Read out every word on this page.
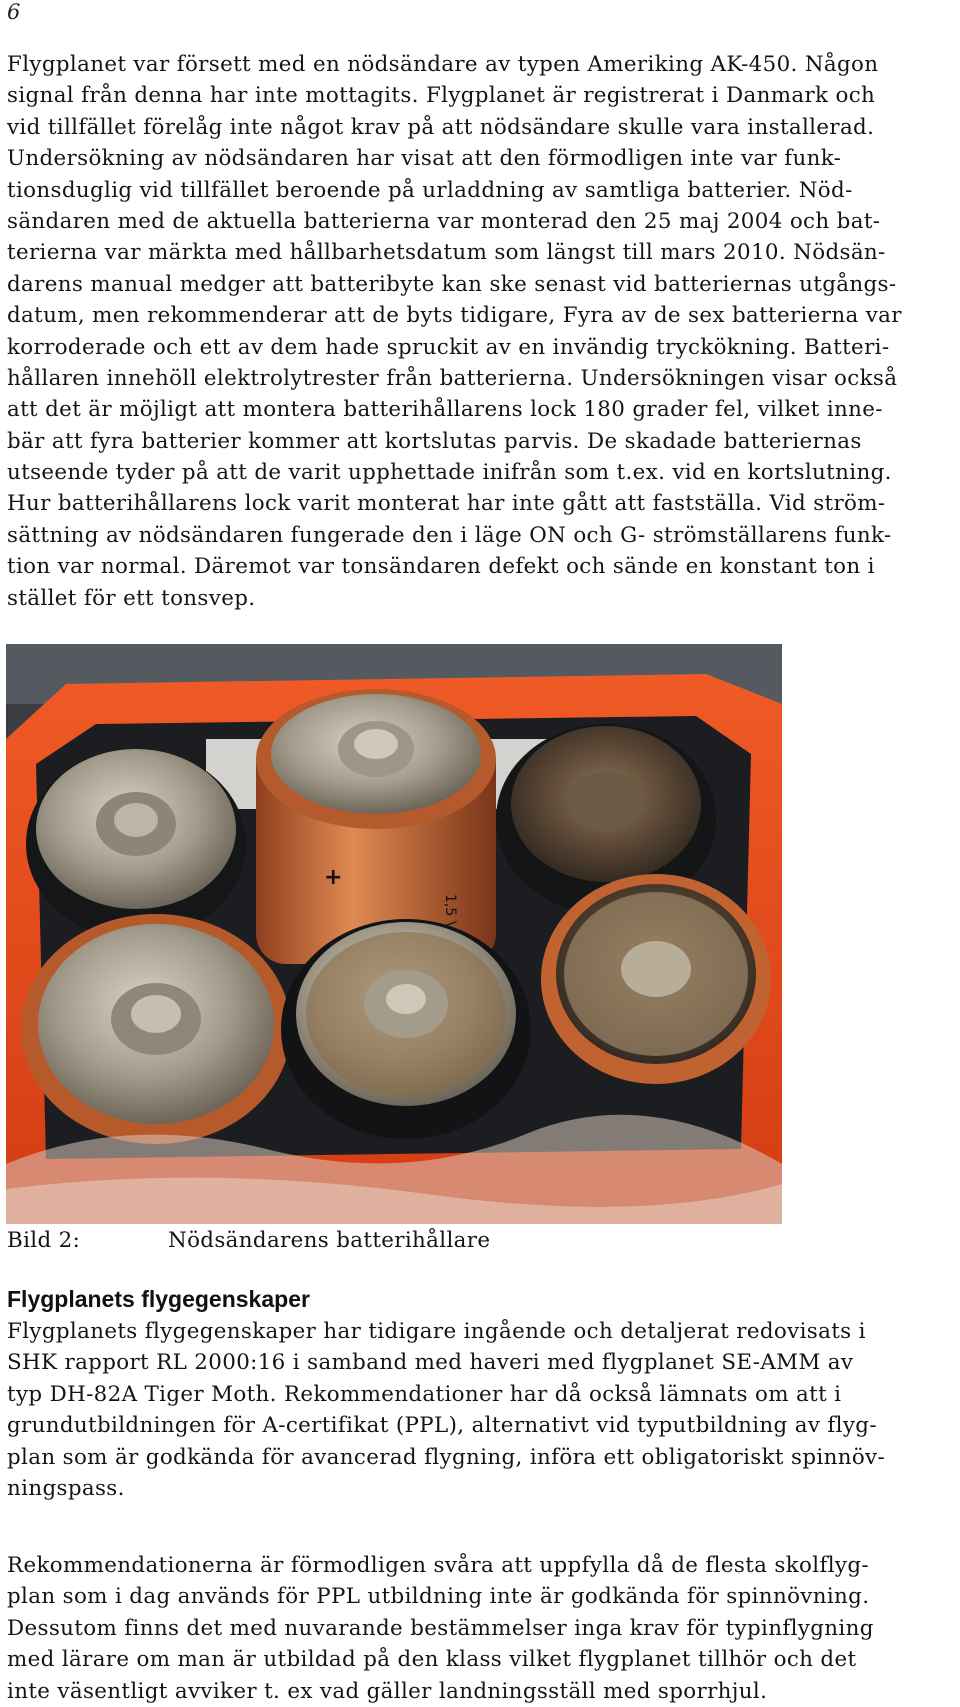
6
Flygplanet var försett med en nödsändare av typen Ameriking AK-450. Någon
signal från denna har inte mottagits. Flygplanet är registrerat i Danmark och
vid tillfället förelåg inte något krav på att nödsändare skulle vara installerad.
Undersökning av nödsändaren har visat att den förmodligen inte var funk-
tionsduglig vid tillfället beroende på urladdning av samtliga batterier. Nöd-
sändaren med de aktuella batterierna var monterad den 25 maj 2004 och bat-
terierna var märkta med hållbarhetsdatum som längst till mars 2010. Nödsän-
darens manual medger att batteribyte kan ske senast vid batteriernas utgångs-
datum, men rekommenderar att de byts tidigare, Fyra av de sex batterierna var
korroderade och ett av dem hade spruckit av en invändig tryckökning. Batteri-
hållaren innehöll elektrolytrester från batterierna. Undersökningen visar också
att det är möjligt att montera batterihållarens lock 180 grader fel, vilket inne-
bär att fyra batterier kommer att kortslutas parvis. De skadade batteriernas
utseende tyder på att de varit upphettade inifrån som t.ex. vid en kortslutning.
Hur batterihållarens lock varit monterat har inte gått att fastställa. Vid ström-
sättning av nödsändaren fungerade den i läge ON och G- strömställarens funk-
tion var normal. Däremot var tonsändaren defekt och sände en konstant ton i
stället för ett tonsvep.
+
Bild 2:	Nödsändarens batterihållare
Flygplanets flygegenskaper
Flygplanets flygegenskaper har tidigare ingående och detaljerat redovisats i
SHK rapport RL 2000:16 i samband med haveri med flygplanet SE-AMM av
typ DH-82A Tiger Moth. Rekommendationer har då också lämnats om att i
grundutbildningen för A-certifikat (PPL), alternativt vid typutbildning av flyg-
plan som är godkända för avancerad flygning, införa ett obligatoriskt spinnöv-
ningspass.
Rekommendationerna är förmodligen svåra att uppfylla då de flesta skolflyg-
plan som i dag används för PPL utbildning inte är godkända för spinnövning.
Dessutom finns det med nuvarande bestämmelser inga krav för typinflygning
med lärare om man är utbildad på den klass vilket flygplanet tillhör och det
inte väsentligt avviker t. ex vad gäller landningsställ med sporrhjul.
